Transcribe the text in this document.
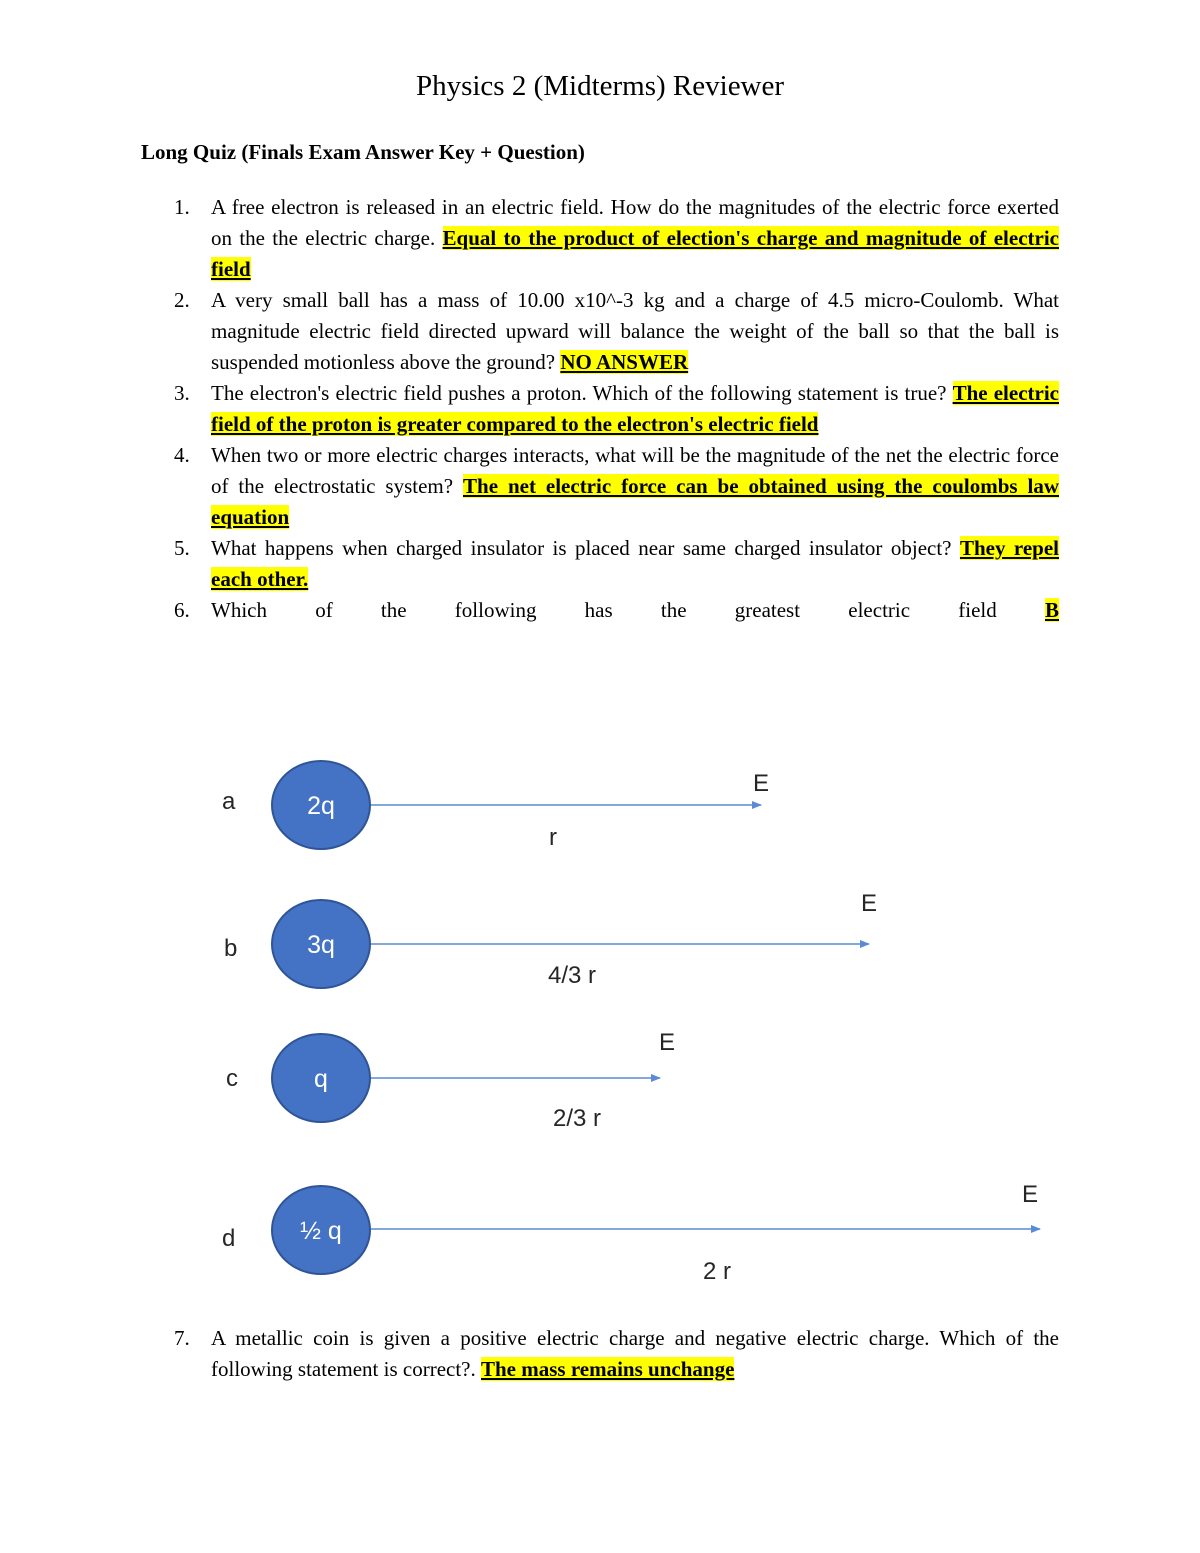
Physics 2 (Midterms) Reviewer
Long Quiz (Finals Exam Answer Key + Question)
1. A free electron is released in an electric field. How do the magnitudes of the electric force exerted on the the electric charge. Equal to the product of election's charge and magnitude of electric field
2. A very small ball has a mass of 10.00 x10^-3 kg and a charge of 4.5 micro-Coulomb. What magnitude electric field directed upward will balance the weight of the ball so that the ball is suspended motionless above the ground? NO ANSWER
3. The electron's electric field pushes a proton. Which of the following statement is true? The electric field of the proton is greater compared to the electron's electric field
4. When two or more electric charges interacts, what will be the magnitude of the net the electric force of the electrostatic system? The net electric force can be obtained using the coulombs law equation
5. What happens when charged insulator is placed near same charged insulator object? They repel each other.
6. Which of the following has the greatest electric field B
a	2q
E
r
b	3q
E
4/3 r
c	q
E
2/3 r
d	½ q
E
2 r
7. A metallic coin is given a positive electric charge and negative electric charge. Which of the following statement is correct?. The mass remains unchange
